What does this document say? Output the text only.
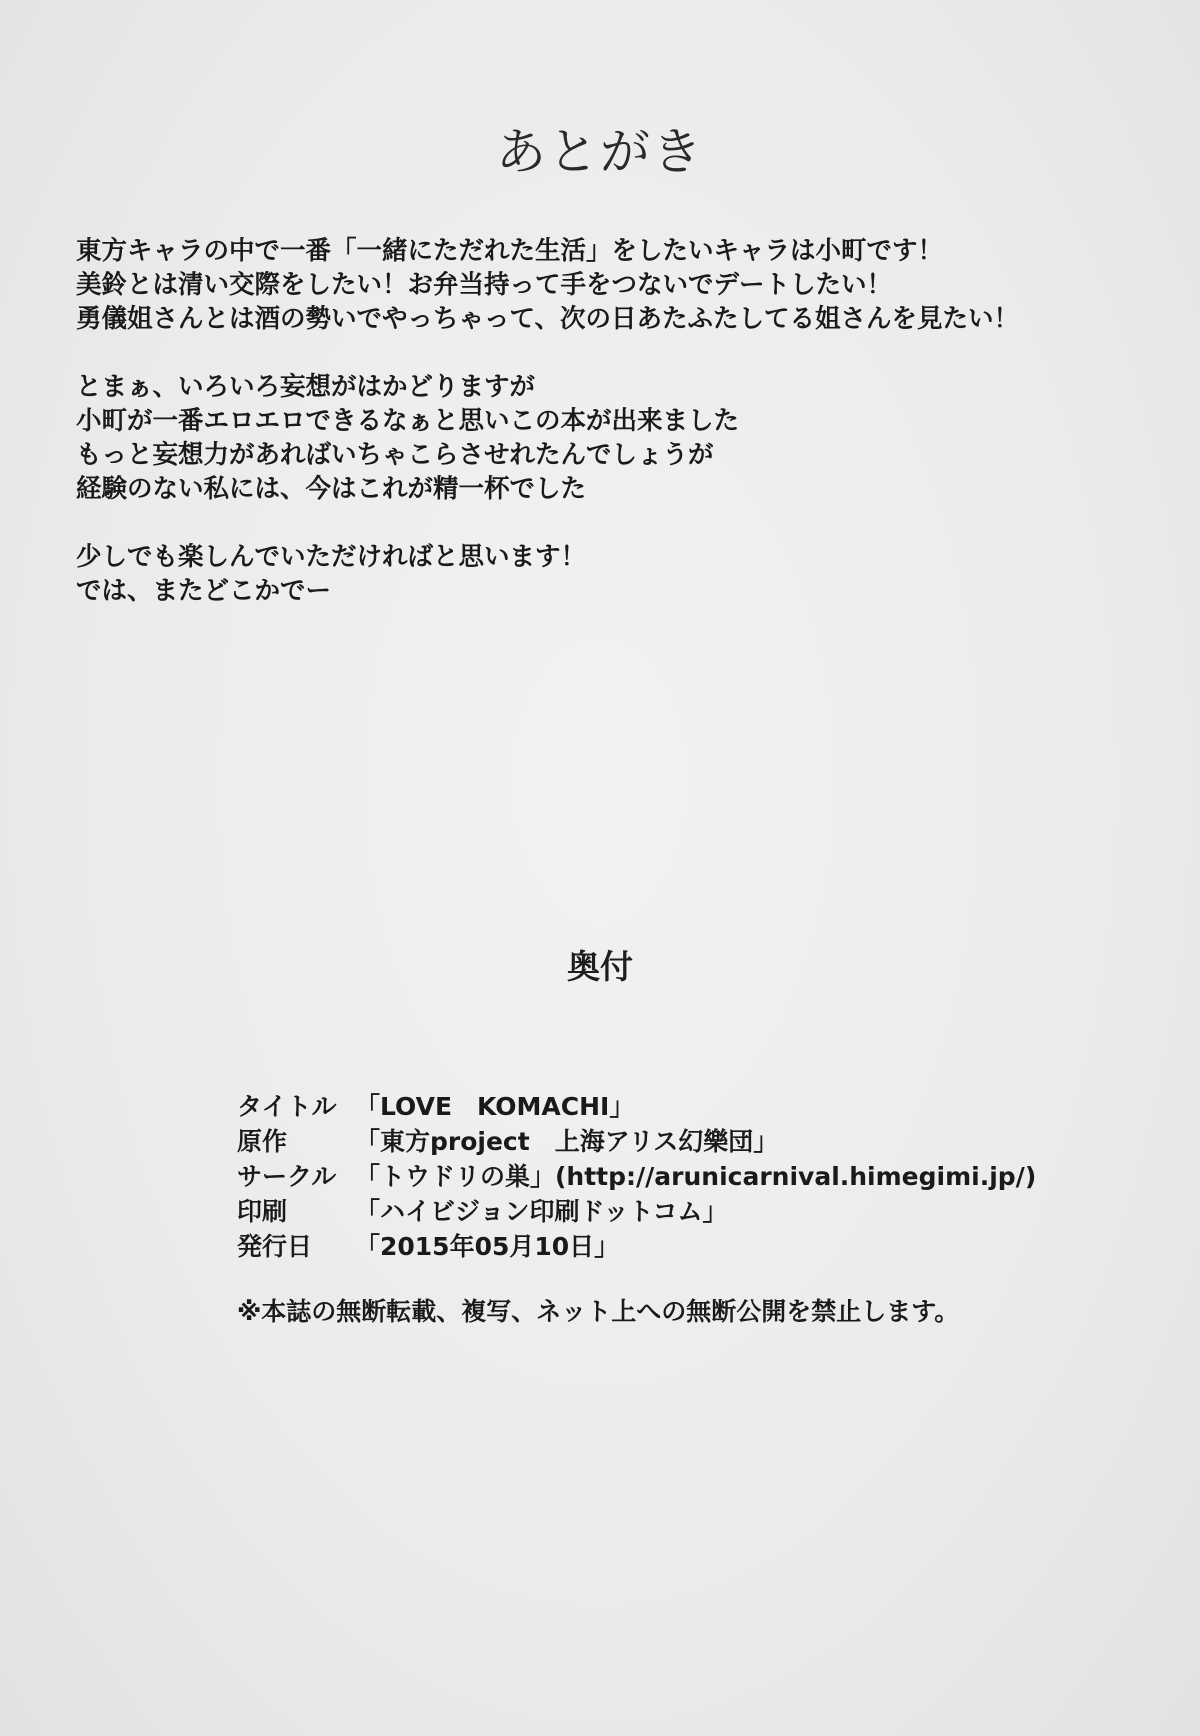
あとがき
東方キャラの中で一番「一緒にただれた生活」をしたいキャラは小町です！
美鈴とは清い交際をしたい！お弁当持って手をつないでデートしたい！
勇儀姐さんとは酒の勢いでやっちゃって、次の日あたふたしてる姐さんを見たい！
とまぁ、いろいろ妄想がはかどりますが
小町が一番エロエロできるなぁと思いこの本が出来ました
もっと妄想力があればいちゃこらさせれたんでしょうが
経験のない私には、今はこれが精一杯でした
少しでも楽しんでいただければと思います！
では、またどこかでー
奥付
タイトル 「LOVE　KOMACHI」
原作	「東方project　上海アリス幻樂団」
サークル 「トウドリの巣」(http://arunicarnival.himegimi.jp/)
印刷	「ハイビジョン印刷ドットコム」
発行日	「2015年05月10日」
※本誌の無断転載、複写、ネット上への無断公開を禁止します。
